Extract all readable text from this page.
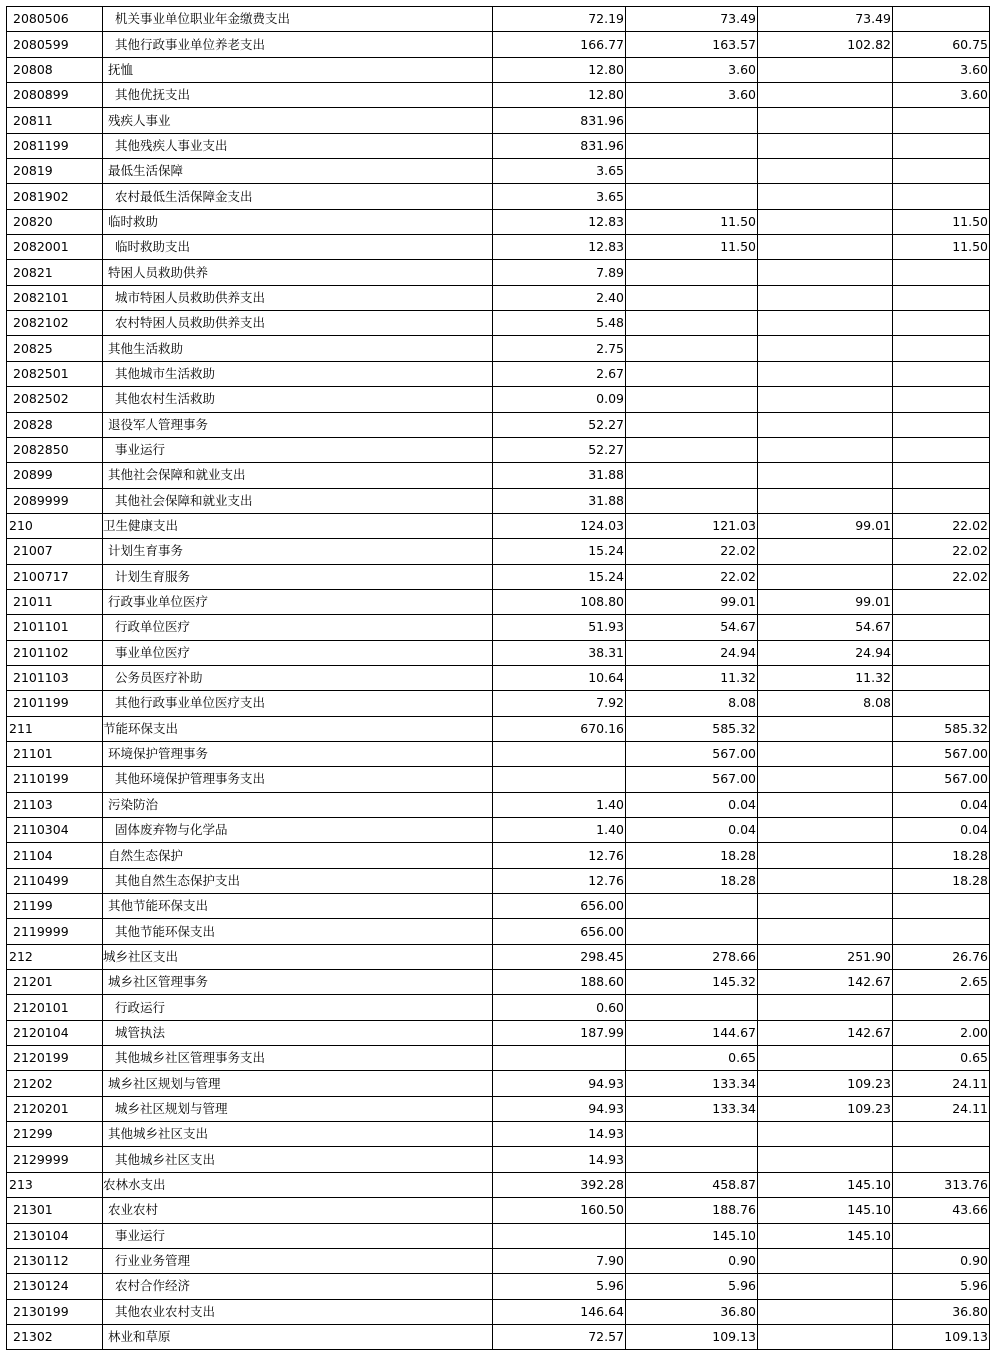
2080506	机关事业单位职业年金缴费支出	72.19	73.49	73.49	
2080599	其他行政事业单位养老支出	166.77	163.57	102.82	60.75
20808	抚恤	12.80	3.60		3.60
2080899	其他优抚支出	12.80	3.60		3.60
20811	残疾人事业	831.96			
2081199	其他残疾人事业支出	831.96			
20819	最低生活保障	3.65			
2081902	农村最低生活保障金支出	3.65			
20820	临时救助	12.83	11.50		11.50
2082001	临时救助支出	12.83	11.50		11.50
20821	特困人员救助供养	7.89			
2082101	城市特困人员救助供养支出	2.40			
2082102	农村特困人员救助供养支出	5.48			
20825	其他生活救助	2.75			
2082501	其他城市生活救助	2.67			
2082502	其他农村生活救助	0.09			
20828	退役军人管理事务	52.27			
2082850	事业运行	52.27			
20899	其他社会保障和就业支出	31.88			
2089999	其他社会保障和就业支出	31.88			
210	卫生健康支出	124.03	121.03	99.01	22.02
21007	计划生育事务	15.24	22.02		22.02
2100717	计划生育服务	15.24	22.02		22.02
21011	行政事业单位医疗	108.80	99.01	99.01	
2101101	行政单位医疗	51.93	54.67	54.67	
2101102	事业单位医疗	38.31	24.94	24.94	
2101103	公务员医疗补助	10.64	11.32	11.32	
2101199	其他行政事业单位医疗支出	7.92	8.08	8.08	
211	节能环保支出	670.16	585.32		585.32
21101	环境保护管理事务		567.00		567.00
2110199	其他环境保护管理事务支出		567.00		567.00
21103	污染防治	1.40	0.04		0.04
2110304	固体废弃物与化学品	1.40	0.04		0.04
21104	自然生态保护	12.76	18.28		18.28
2110499	其他自然生态保护支出	12.76	18.28		18.28
21199	其他节能环保支出	656.00			
2119999	其他节能环保支出	656.00			
212	城乡社区支出	298.45	278.66	251.90	26.76
21201	城乡社区管理事务	188.60	145.32	142.67	2.65
2120101	行政运行	0.60			
2120104	城管执法	187.99	144.67	142.67	2.00
2120199	其他城乡社区管理事务支出		0.65		0.65
21202	城乡社区规划与管理	94.93	133.34	109.23	24.11
2120201	城乡社区规划与管理	94.93	133.34	109.23	24.11
21299	其他城乡社区支出	14.93			
2129999	其他城乡社区支出	14.93			
213	农林水支出	392.28	458.87	145.10	313.76
21301	农业农村	160.50	188.76	145.10	43.66
2130104	事业运行		145.10	145.10	
2130112	行业业务管理	7.90	0.90		0.90
2130124	农村合作经济	5.96	5.96		5.96
2130199	其他农业农村支出	146.64	36.80		36.80
21302	林业和草原	72.57	109.13		109.13
